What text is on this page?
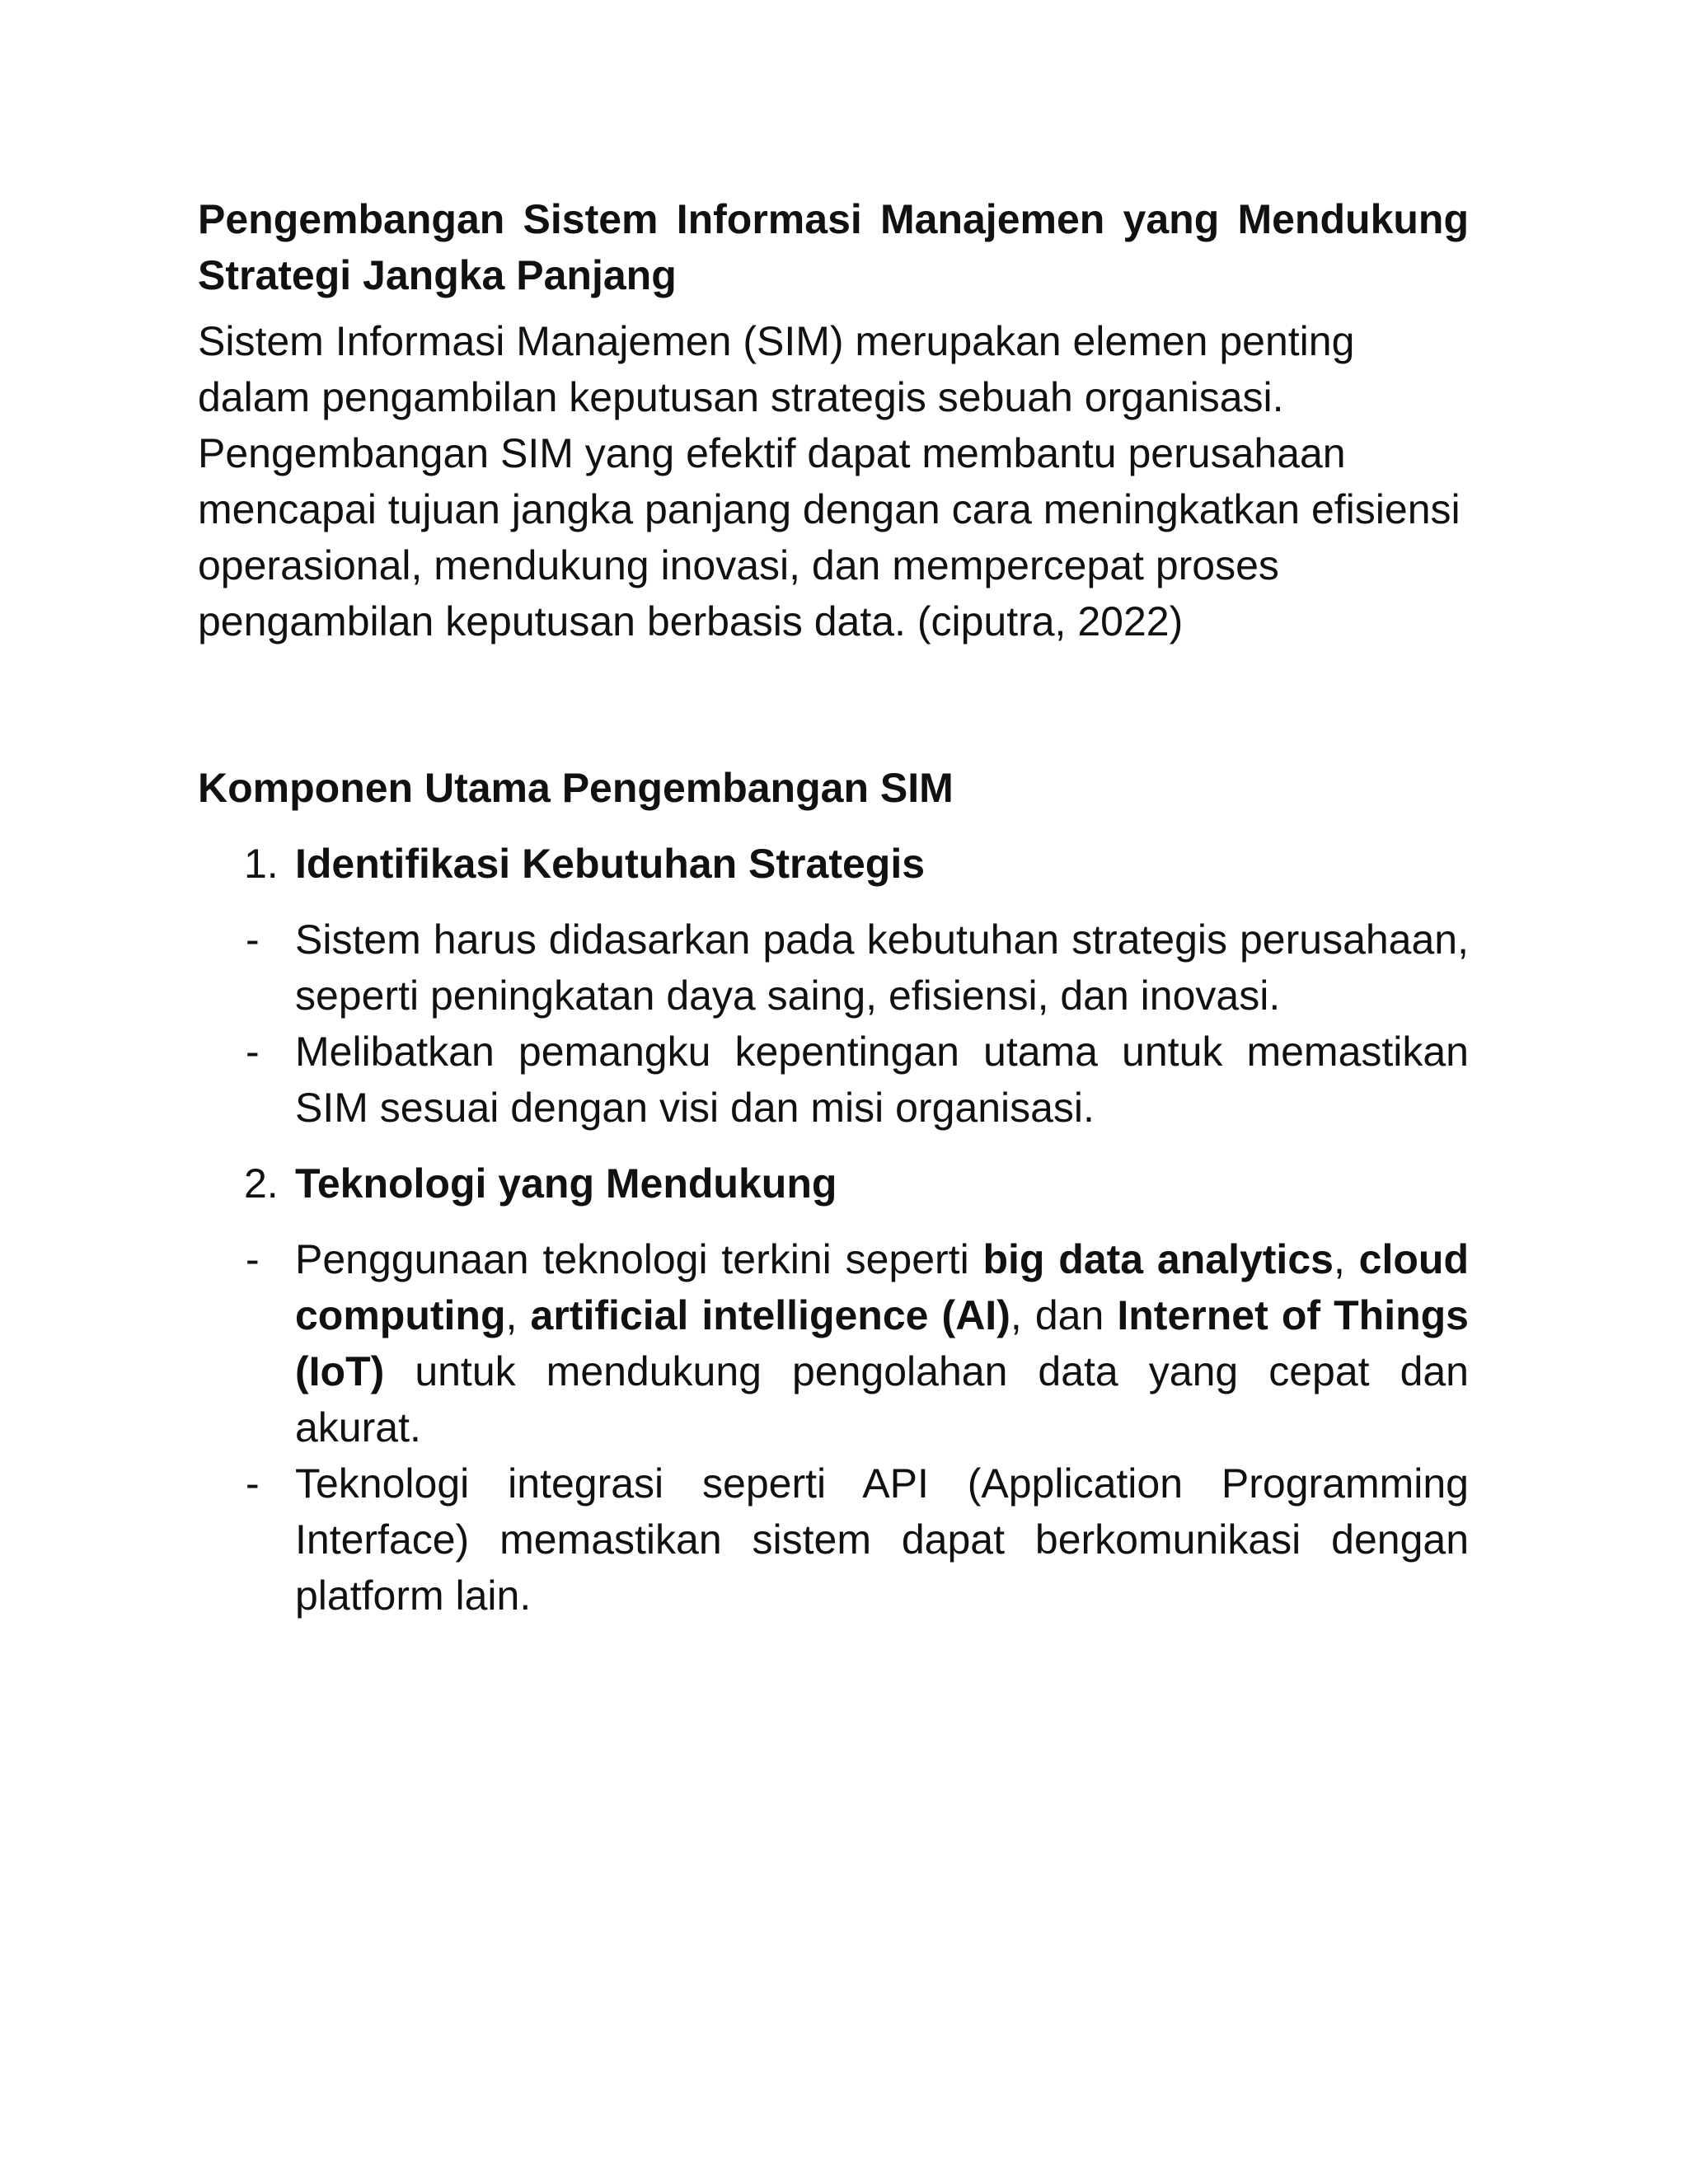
Pengembangan Sistem Informasi Manajemen yang Mendukung Strategi Jangka Panjang

Sistem Informasi Manajemen (SIM) merupakan elemen penting dalam pengambilan keputusan strategis sebuah organisasi. Pengembangan SIM yang efektif dapat membantu perusahaan mencapai tujuan jangka panjang dengan cara meningkatkan efisiensi operasional, mendukung inovasi, dan mempercepat proses pengambilan keputusan berbasis data. (ciputra, 2022)

Komponen Utama Pengembangan SIM
1. Identifikasi Kebutuhan Strategis
- Sistem harus didasarkan pada kebutuhan strategis perusahaan, seperti peningkatan daya saing, efisiensi, dan inovasi.
- Melibatkan pemangku kepentingan utama untuk memastikan SIM sesuai dengan visi dan misi organisasi.
2. Teknologi yang Mendukung
- Penggunaan teknologi terkini seperti big data analytics, cloud computing, artificial intelligence (AI), dan Internet of Things (IoT) untuk mendukung pengolahan data yang cepat dan akurat.
- Teknologi integrasi seperti API (Application Programming Interface) memastikan sistem dapat berkomunikasi dengan platform lain.
